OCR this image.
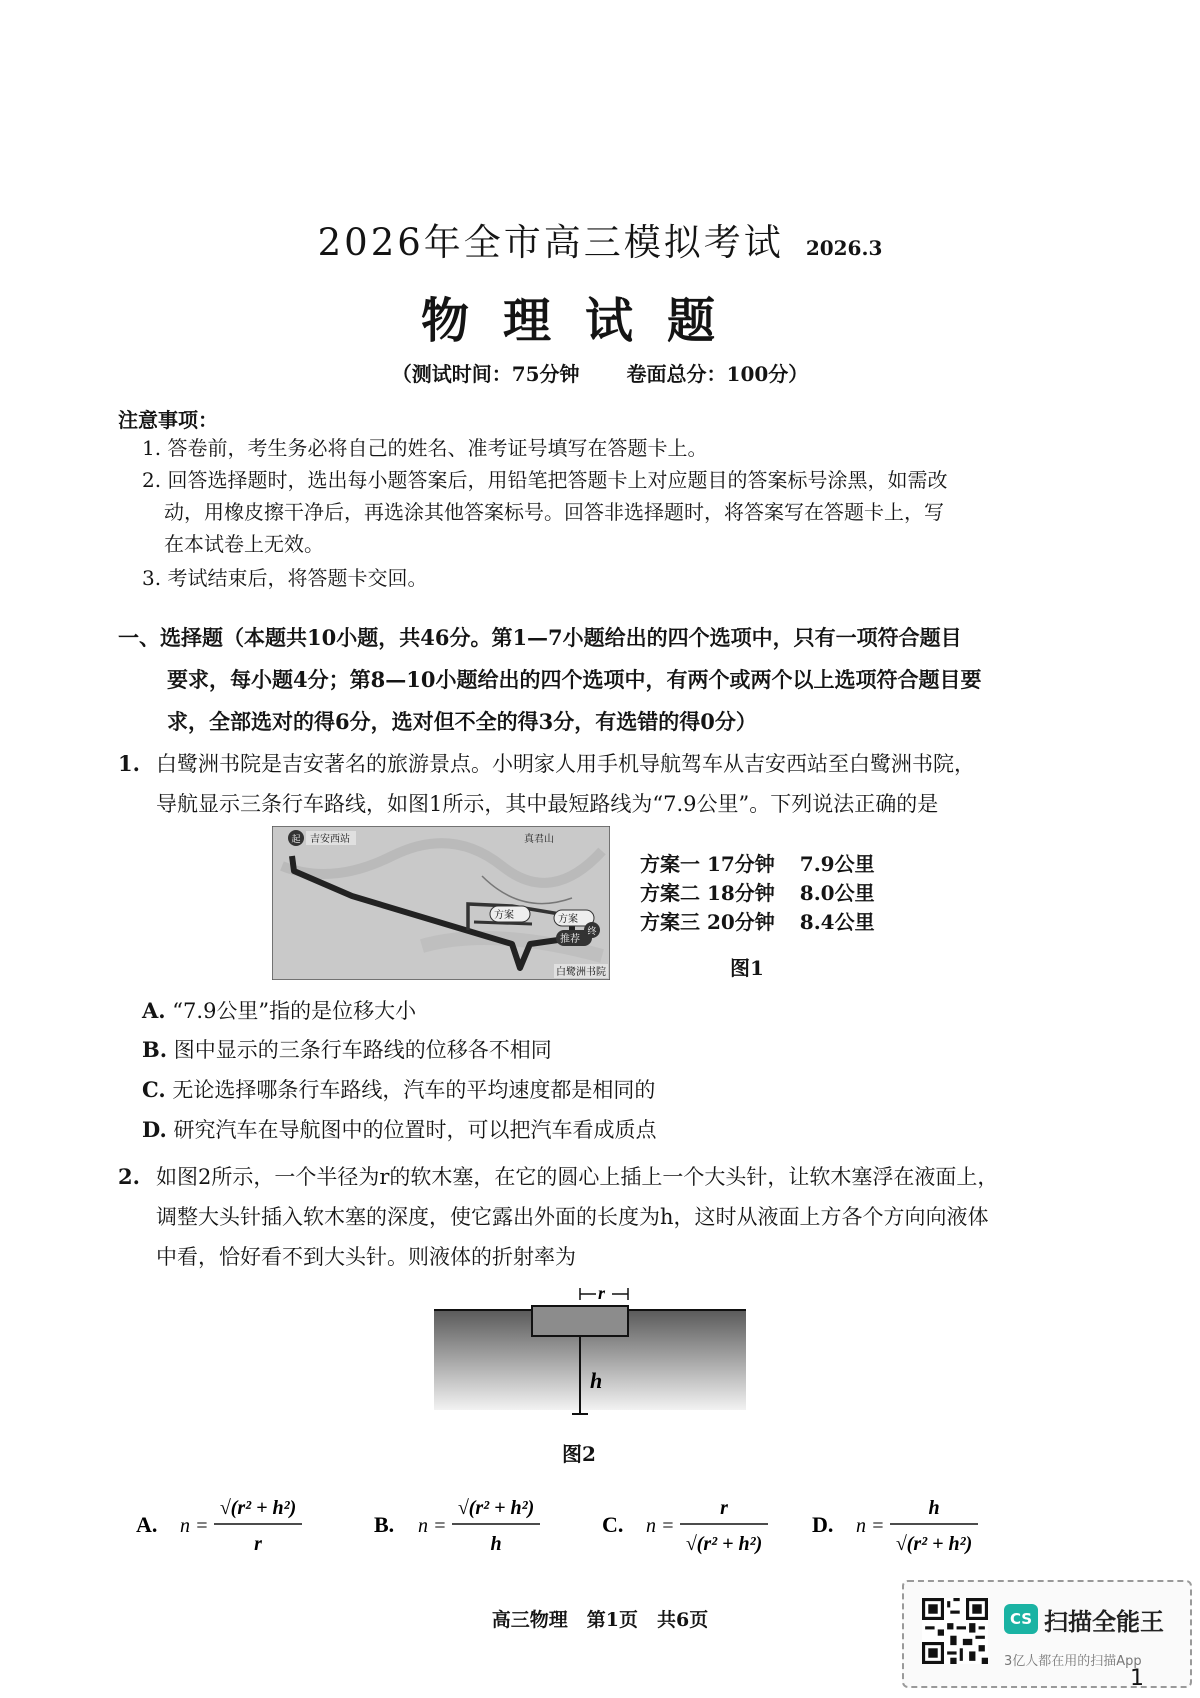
2026年全市高三模拟考试 2026.3
物理试题
（测试时间：75分钟 卷面总分：100分）
注意事项：
1. 答卷前，考生务必将自己的姓名、准考证号填写在答题卡上。
2. 回答选择题时，选出每小题答案后，用铅笔把答题卡上对应题目的答案标号涂黑，如需改
动，用橡皮擦干净后，再选涂其他答案标号。回答非选择题时，将答案写在答题卡上，写
在本试卷上无效。
3. 考试结束后，将答题卡交回。
一、选择题（本题共10小题，共46分。第1—7小题给出的四个选项中，只有一项符合题目
要求，每小题4分；第8—10小题给出的四个选项中，有两个或两个以上选项符合题目要
求，全部选对的得6分，选对但不全的得3分，有选错的得0分）
1. 白鹭洲书院是吉安著名的旅游景点。小明家人用手机导航驾车从吉安西站至白鹭洲书院，
导航显示三条行车路线，如图1所示，其中最短路线为“7.9公里”。下列说法正确的是
起 吉安西站	真君山
方案	方案
推荐
终
白鹭洲书院
方案一 17分钟 7.9公里
方案二 18分钟 8.0公里
方案三 20分钟 8.4公里
图1
A. “7.9公里”指的是位移大小
B. 图中显示的三条行车路线的位移各不相同
C. 无论选择哪条行车路线，汽车的平均速度都是相同的
D. 研究汽车在导航图中的位置时，可以把汽车看成质点
2. 如图2所示，一个半径为r的软木塞，在它的圆心上插上一个大头针，让软木塞浮在液面上，
调整大头针插入软木塞的深度，使它露出外面的长度为h，这时从液面上方各个方向向液体
中看，恰好看不到大头针。则液体的折射率为
r
h
图2
A. n =
√(r² + h²)
r
B. n =
√(r² + h²)
h
C. n =
r
√(r² + h²)
D. n =
h
√(r² + h²)
高三物理　第1页　共6页	CS 扫描全能王
3亿人都在用的扫描App
1
